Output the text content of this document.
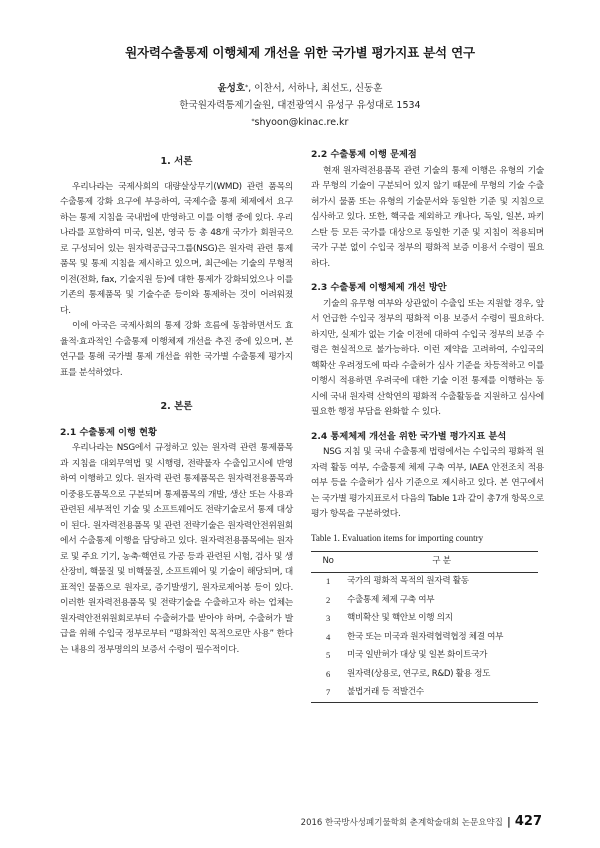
원자력수출통제 이행체제 개선을 위한 국가별 평가지표 분석 연구
윤성호*, 이찬서, 서하나, 최선도, 신동훈
한국원자력통제기술원, 대전광역시 유성구 유성대로 1534
*shyoon@kinac.re.kr
1. 서론

우리나라는 국제사회의 대량살상무기(WMD) 관련 품목의 수출통제 강화 요구에 부응하여, 국제수출 통제 체제에서 요구하는 통제 지침을 국내법에 반영하고 이를 이행 중에 있다. 우리나라를 포함하여 미국, 일본, 영국 등 총 48개 국가가 회원국으로 구성되어 있는 원자력공급국그룹(NSG)은 원자력 관련 통제 품목 및 통제 지침을 제시하고 있으며, 최근에는 기술의 무형적 이전(전화, fax, 기술지원 등)에 대한 통제가 강화되었으나 이를 기존의 통제품목 및 기술수준 등이와 통제하는 것이 어려워졌다.

이에 아국은 국제사회의 통제 강화 흐름에 동참하면서도 효율적·효과적인 수출통제 이행체제 개선을 추진 중에 있으며, 본 연구를 통해 국가별 통제 개선을 위한 국가별 수출통제 평가지표를 분석하였다.

2. 본론
2.1 수출통제 이행 현황

우리나라는 NSG에서 규정하고 있는 원자력 관련 통제품목과 지침을 대외무역법 및 시행령, 전략물자 수출입고시에 반영하여 이행하고 있다. 원자력 관련 통제품목은 원자력전용품목과 이중용도품목으로 구분되며 통제품목의 개발, 생산 또는 사용과 관련된 세부적인 기술 및 소프트웨어도 전략기술로서 통제 대상이 된다. 원자력전용품목 및 관련 전략기술은 원자력안전위원회에서 수출통제 이행을 담당하고 있다. 원자력전용품목에는 원자로 및 주요 기기, 농축·핵연료 가공 등과 관련된 시험, 검사 및 생산장비, 핵물질 및 비핵물질, 소프트웨어 및 기술이 해당되며, 대표적인 물품으로 원자로, 증기발생기, 원자로제어봉 등이 있다. 이러한 원자력전용품목 및 전략기술을 수출하고자 하는 업체는 원자력안전위원회로부터 수출허가를 받아야 하며, 수출허가 발급을 위해 수입국 정부로부터 “평화적인 목적으로만 사용” 한다는 내용의 정부명의의 보증서 수령이 필수적이다.

2.2 수출통제 이행 문제점

현재 원자력전용품목 관련 기술의 통제 이행은 유형의 기술과 무형의 기술이 구분되어 있지 않기 때문에 무형의 기술 수출허가시 물품 또는 유형의 기술문서와 동일한 기준 및 지침으로 심사하고 있다. 또한, 핵국을 제외하고 캐나다, 독일, 일본, 파키스탄 등 모든 국가를 대상으로 동일한 기준 및 지침이 적용되며 국가 구분 없이 수입국 정부의 평화적 보증 이용서 수령이 필요하다.

2.3 수출통제 이행체제 개선 방안

기술의 유무형 여부와 상관없이 수출입 또는 지원할 경우, 앞서 언급한 수입국 정부의 평화적 이용 보증서 수령이 필요하다. 하지만, 실제가 없는 기술 이전에 대하여 수입국 정부의 보증 수령은 현실적으로 불가능하다. 이런 제약을 고려하여, 수입국의 핵확산 우려정도에 따라 수출허가 심사 기준을 차등적하고 이를 이행시 적용하면 우려국에 대한 기술 이전 통제를 이행하는 동시에 국내 원자력 산학연의 평화적 수출활동을 지원하고 심사에 필요한 행정 부담을 완화할 수 있다.

2.4 통제체제 개선을 위한 국가별 평가지표 분석

NSG 지침 및 국내 수출통제 법령에서는 수입국의 평화적 원자력 활동 여부, 수출통제 체제 구축 여부, IAEA 안전조치 적용 여부 등을 수출허가 심사 기준으로 제시하고 있다. 본 연구에서는 국가별 평가지표로서 다음의 Table 1과 같이 총7개 항목으로 평가 항목을 구분하였다.

Table 1. Evaluation items for importing country
No	구 분
1	국가의 평화적 목적의 원자력 활동
2	수출통제 체제 구축 여부
3	핵비확산 및 핵안보 이행 의지
4	한국 또는 미국과 원자력협력협정 체결 여부
5	미국 일반허가 대상 및 일본 화이트국가
6	원자력(상용로, 연구로, R&D) 활용 정도
7	불법거래 등 적발건수
2016 한국방사성폐기물학회 춘계학술대회 논문요약집 | 427
